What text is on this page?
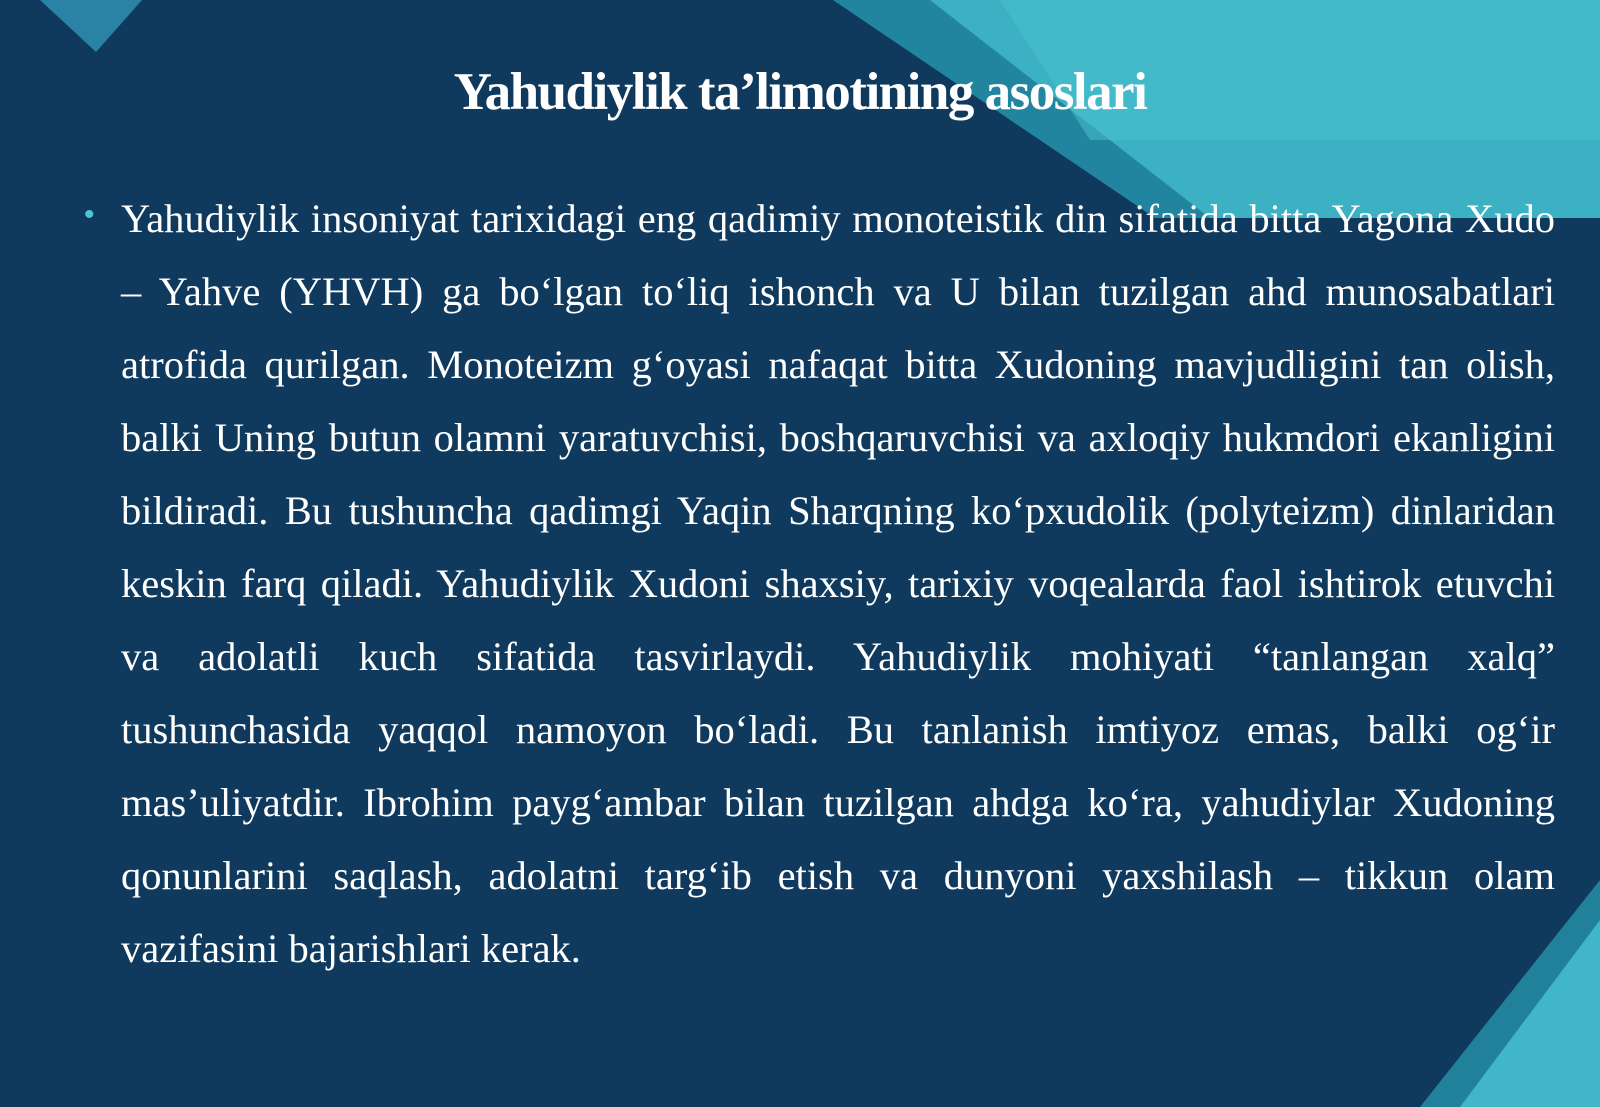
Yahudiylik ta’limotining asoslari
• Yahudiylik insoniyat tarixidagi eng qadimiy monoteistik din sifatida bitta Yagona Xudo – Yahve (YHVH) ga bo‘lgan to‘liq ishonch va U bilan tuzilgan ahd munosabatlari atrofida qurilgan. Monoteizm g‘oyasi nafaqat bitta Xudoning mavjudligini tan olish, balki Uning butun olamni yaratuvchisi, boshqaruvchisi va axloqiy hukmdori ekanligini bildiradi. Bu tushuncha qadimgi Yaqin Sharqning ko‘pxudolik (polyteizm) dinlaridan keskin farq qiladi. Yahudiylik Xudoni shaxsiy, tarixiy voqealarda faol ishtirok etuvchi va adolatli kuch sifatida tasvirlaydi. Yahudiylik mohiyati “tanlangan xalq” tushunchasida yaqqol namoyon bo‘ladi. Bu tanlanish imtiyoz emas, balki og‘ir mas’uliyatdir. Ibrohim payg‘ambar bilan tuzilgan ahdga ko‘ra, yahudiylar Xudoning qonunlarini saqlash, adolatni targ‘ib etish va dunyoni yaxshilash – tikkun olam vazifasini bajarishlari kerak.
